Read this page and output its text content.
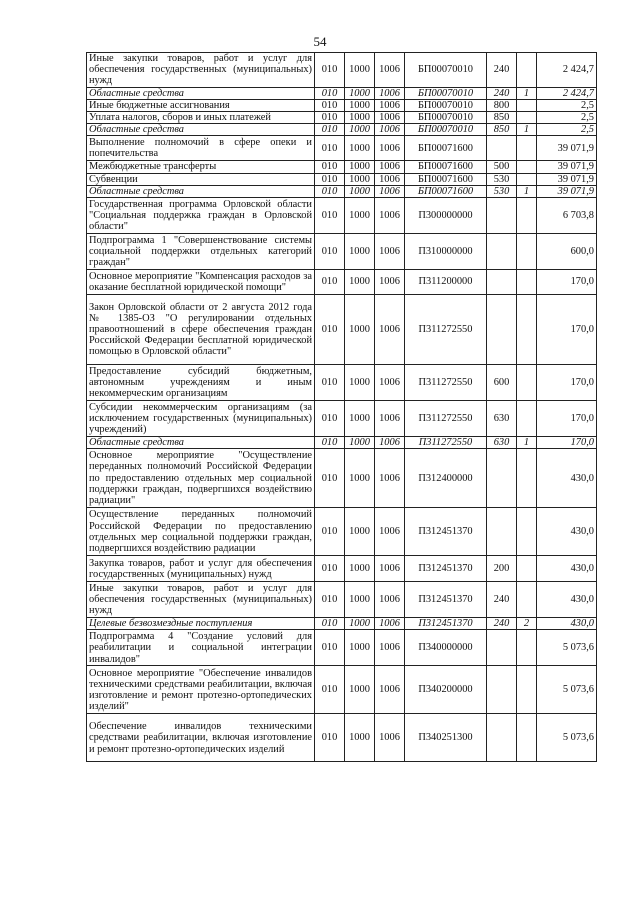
54
Иные закупки товаров, работ и услуг для обеспечения государственных (муниципальных) нужд	010	1000	1006	БП00070010	240		2 424,7
Областные средства	010	1000	1006	БП00070010	240	1	2 424,7
Иные бюджетные ассигнования	010	1000	1006	БП00070010	800		2,5
Уплата налогов, сборов и иных платежей	010	1000	1006	БП00070010	850		2,5
Областные средства	010	1000	1006	БП00070010	850	1	2,5
Выполнение полномочий в сфере опеки и попечительства	010	1000	1006	БП00071600			39 071,9
Межбюджетные трансферты	010	1000	1006	БП00071600	500		39 071,9
Субвенции	010	1000	1006	БП00071600	530		39 071,9
Областные средства	010	1000	1006	БП00071600	530	1	39 071,9
Государственная программа Орловской области "Социальная поддержка граждан в Орловской области"	010	1000	1006	П300000000			6 703,8
Подпрограмма 1 "Совершенствование системы социальной поддержки отдельных категорий граждан"	010	1000	1006	П310000000			600,0
Основное мероприятие "Компенсация расходов за оказание бесплатной юридической помощи"	010	1000	1006	П311200000			170,0
Закон Орловской области от 2 августа 2012 года № 1385-ОЗ "О регулировании отдельных правоотношений в сфере обеспечения граждан Российской Федерации бесплатной юридической помощью в Орловской области"	010	1000	1006	П311272550			170,0
Предоставление субсидий бюджетным, автономным учреждениям и иным некоммерческим организациям	010	1000	1006	П311272550	600		170,0
Субсидии некоммерческим организациям (за исключением государственных (муниципальных) учреждений)	010	1000	1006	П311272550	630		170,0
Областные средства	010	1000	1006	П311272550	630	1	170,0
Основное мероприятие "Осуществление переданных полномочий Российской Федерации по предоставлению отдельных мер социальной поддержки граждан, подвергшихся воздействию радиации"	010	1000	1006	П312400000			430,0
Осуществление переданных полномочий Российской Федерации по предоставлению отдельных мер социальной поддержки граждан, подвергшихся воздействию радиации	010	1000	1006	П312451370			430,0
Закупка товаров, работ и услуг для обеспечения государственных (муниципальных) нужд	010	1000	1006	П312451370	200		430,0
Иные закупки товаров, работ и услуг для обеспечения государственных (муниципальных) нужд	010	1000	1006	П312451370	240		430,0
Целевые безвозмездные поступления	010	1000	1006	П312451370	240	2	430,0
Подпрограмма 4 "Создание условий для реабилитации и социальной интеграции инвалидов"	010	1000	1006	П340000000			5 073,6
Основное мероприятие "Обеспечение инвалидов техническими средствами реабилитации, включая изготовление и ремонт протезно-ортопедических изделий"	010	1000	1006	П340200000			5 073,6
Обеспечение инвалидов техническими средствами реабилитации, включая изготовление и ремонт протезно-ортопедических изделий	010	1000	1006	П340251300			5 073,6
